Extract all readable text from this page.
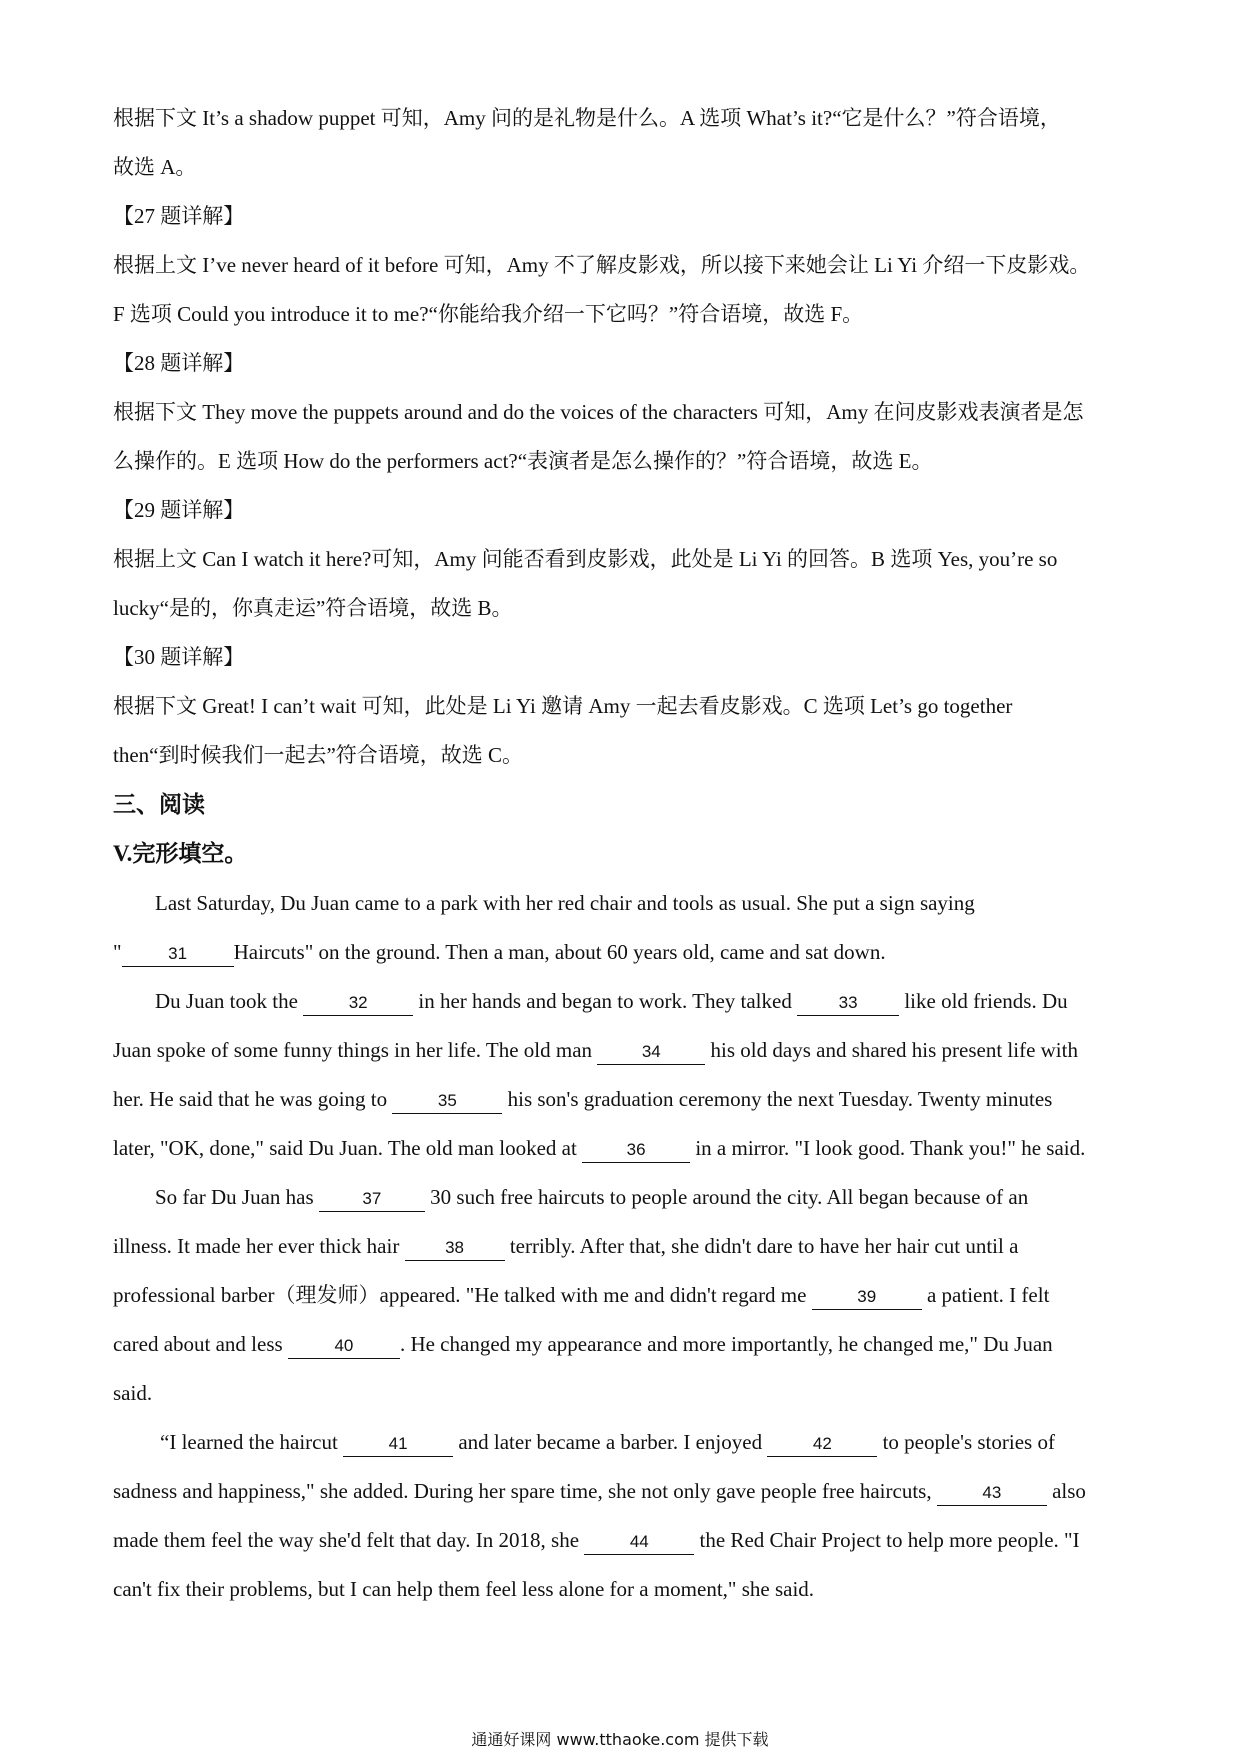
根据下文 It’s a shadow puppet 可知，Amy 问的是礼物是什么。A 选项 What’s it?“它是什么？”符合语境，
故选 A。
【27 题详解】
根据上文 I’ve never heard of it before 可知，Amy 不了解皮影戏，所以接下来她会让 Li Yi 介绍一下皮影戏。
F 选项 Could you introduce it to me?“你能给我介绍一下它吗？”符合语境，故选 F。
【28 题详解】
根据下文 They move the puppets around and do the voices of the characters 可知，Amy 在问皮影戏表演者是怎
么操作的。E 选项 How do the performers act?“表演者是怎么操作的？”符合语境，故选 E。
【29 题详解】
根据上文 Can I watch it here?可知，Amy 问能否看到皮影戏，此处是 Li Yi 的回答。B 选项 Yes, you’re so
lucky“是的，你真走运”符合语境，故选 B。
【30 题详解】
根据下文 Great! I can’t wait 可知，此处是 Li Yi 邀请 Amy 一起去看皮影戏。C 选项 Let’s go together
then“到时候我们一起去”符合语境，故选 C。
三、阅读
V.完形填空。
Last Saturday, Du Juan came to a park with her red chair and tools as usual. She put a sign saying
"	31 Haircuts" on the ground. Then a man, about 60 years old, came and sat down.
Du Juan took the	32 in her hands and began to work. They talked 33 like old friends. Du
Juan spoke of some funny things in her life. The old man	34 his old days and shared his present life with
her. He said that he was going to	35 his son's graduation ceremony the next Tuesday. Twenty minutes
later, "OK, done," said Du Juan. The old man looked at	36 in a mirror. "I look good. Thank you!" he said.
So far Du Juan has	37 30 such free haircuts to people around the city. All began because of an
illness. It made her ever thick hair 38 terribly. After that, she didn't dare to have her hair cut until a
professional barber（理发师）appeared. "He talked with me and didn't regard me	39 a patient. I felt
cared about and less	40 . He changed my appearance and more importantly, he changed me," Du Juan
said.
“I learned the haircut	41 and later became a barber. I enjoyed	42 to people's stories of
sadness and happiness," she added. During her spare time, she not only gave people free haircuts,	43 also
made them feel the way she'd felt that day. In 2018, she	44 the Red Chair Project to help more people. "I
can't fix their problems, but I can help them feel less alone for a moment," she said.
通通好课网 www.tthaoke.com 提供下载
